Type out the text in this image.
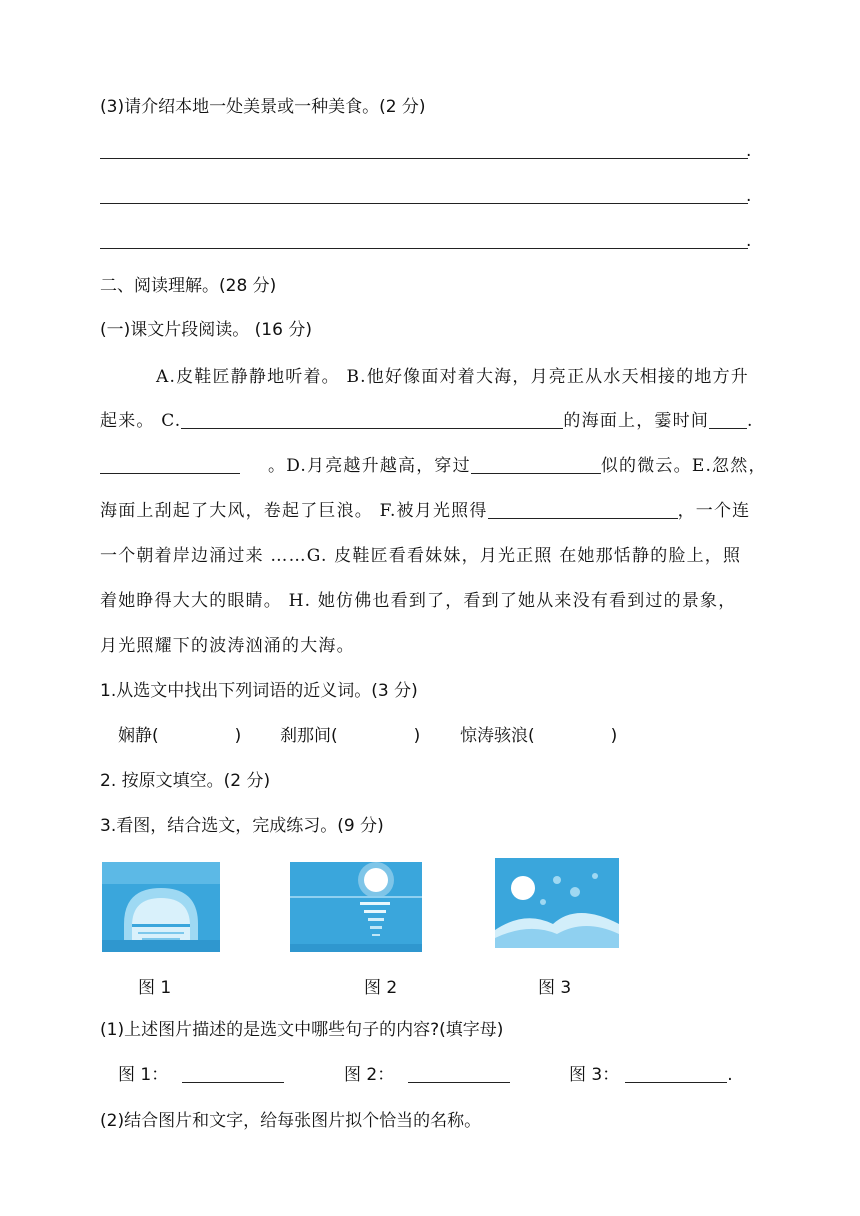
(3)请介绍本地一处美景或一种美食。(2 分)
.
.
.
二、阅读理解。(28 分)
(一)课文片段阅读。 (16 分)
A.皮鞋匠静静地听着。 B.他好像面对着大海，月亮正从水天相接的地方升
起来。 C.	的海面上，霎时间 .
。D.月亮越升越高，穿过	似的微云。E.忽然，
海面上刮起了大风，卷起了巨浪。 F.被月光照得	，一个连
一个朝着岸边涌过来 ……G. 皮鞋匠看看妹妹，月光正照 在她那恬静的脸上，照
着她睁得大大的眼睛。 H. 她仿佛也看到了，看到了她从来没有看到过的景象，
月光照耀下的波涛汹涌的大海。
1.从选文中找出下列词语的近义词。(3 分)
娴静(	) 刹那间(	) 惊涛骇浪(	)
2. 按原文填空。(2 分)
3.看图，结合选文，完成练习。(9 分)
图 1	图 2	图 3
(1)上述图片描述的是选文中哪些句子的内容?(填字母)
图 1：	图 2：	图 3：	.
(2)结合图片和文字，给每张图片拟个恰当的名称。
